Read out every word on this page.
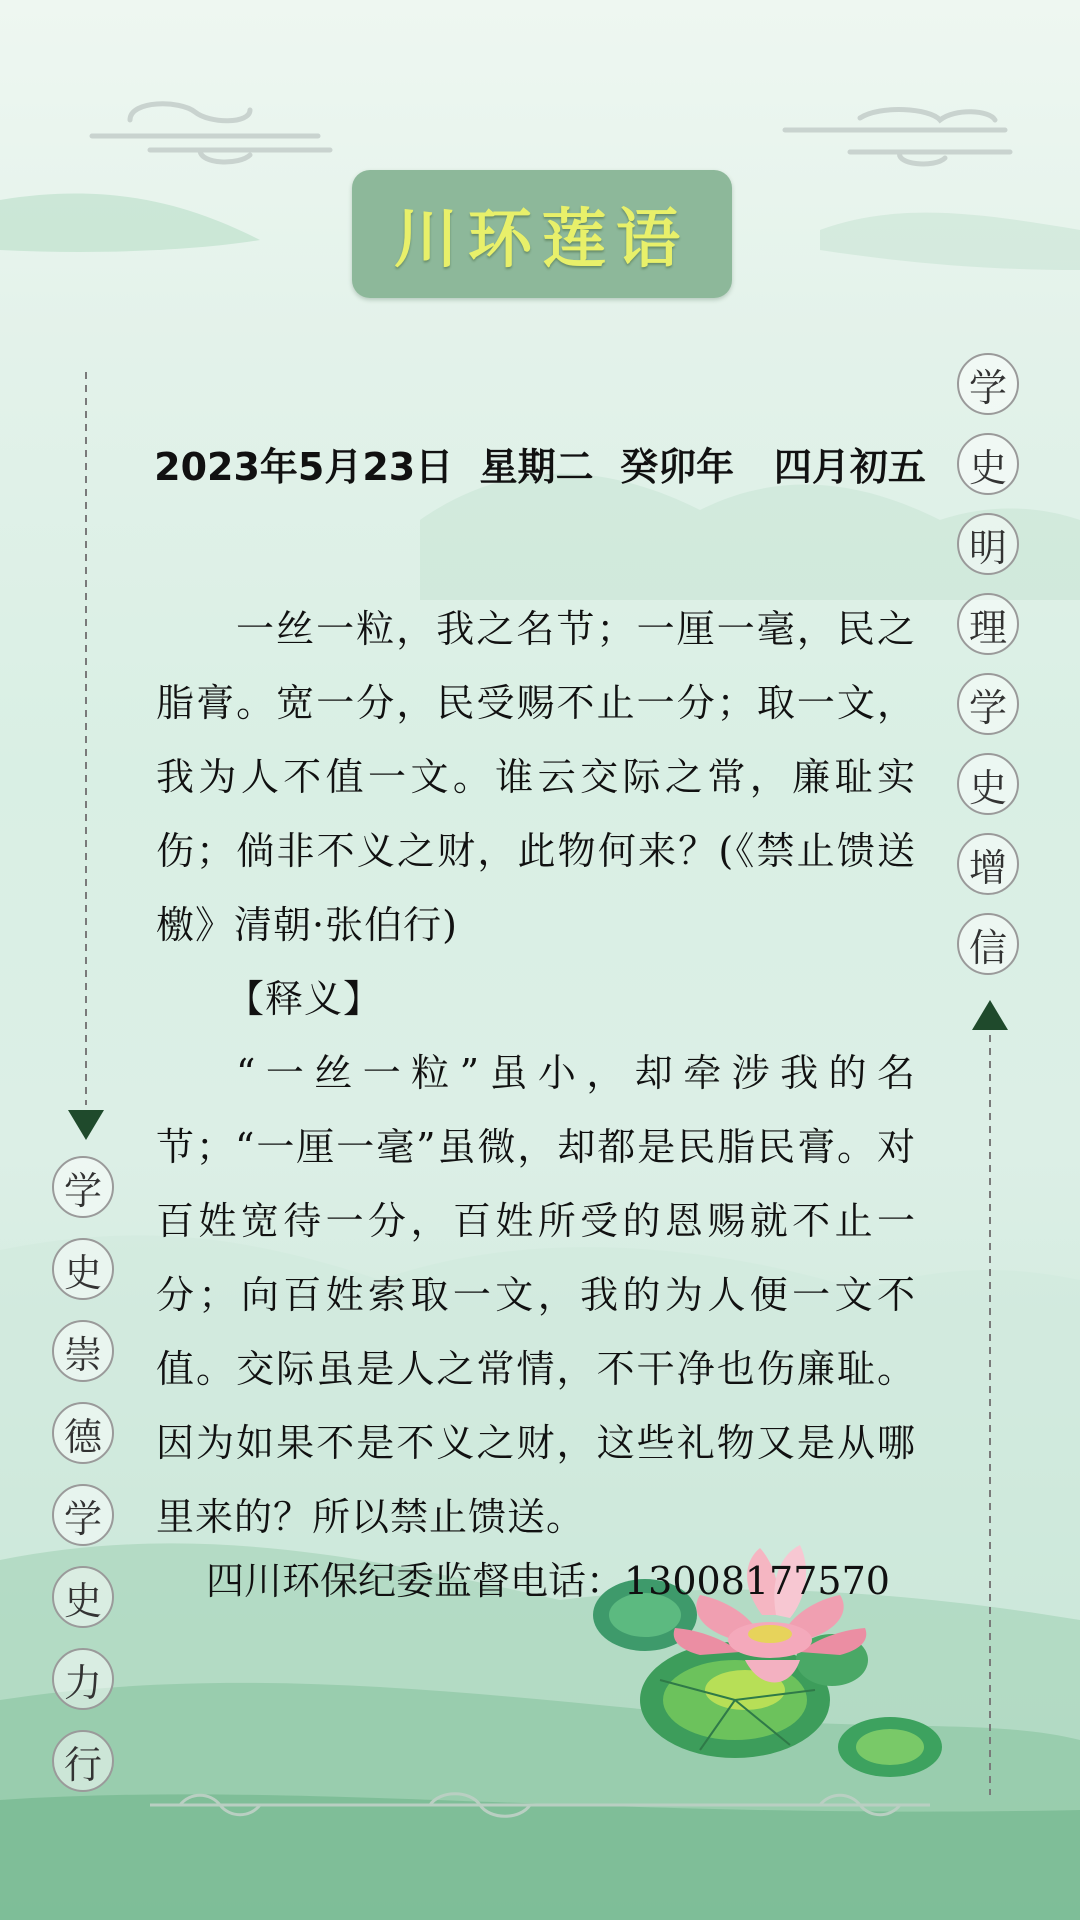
川环莲语
2023年5月23日  星期二  癸卯年   四月初五

一丝一粒，我之名节；一厘一毫，民之脂膏。宽一分，民受赐不止一分；取一文，我为人不值一文。谁云交际之常，廉耻实伤；倘非不义之财，此物何来？(《禁止馈送檄》清朝·张伯行)

【释义】

“一丝一粒”虽小，却牵涉我的名节；“一厘一毫”虽微，却都是民脂民膏。对百姓宽待一分，百姓所受的恩赐就不止一分；向百姓索取一文，我的为人便一文不值。交际虽是人之常情，不干净也伤廉耻。因为如果不是不义之财，这些礼物又是从哪里来的？所以禁止馈送。

四川环保纪委监督电话：13008177570
学
史
明
理
学
史
增
信
学
史
崇
德
学
史
力
行
